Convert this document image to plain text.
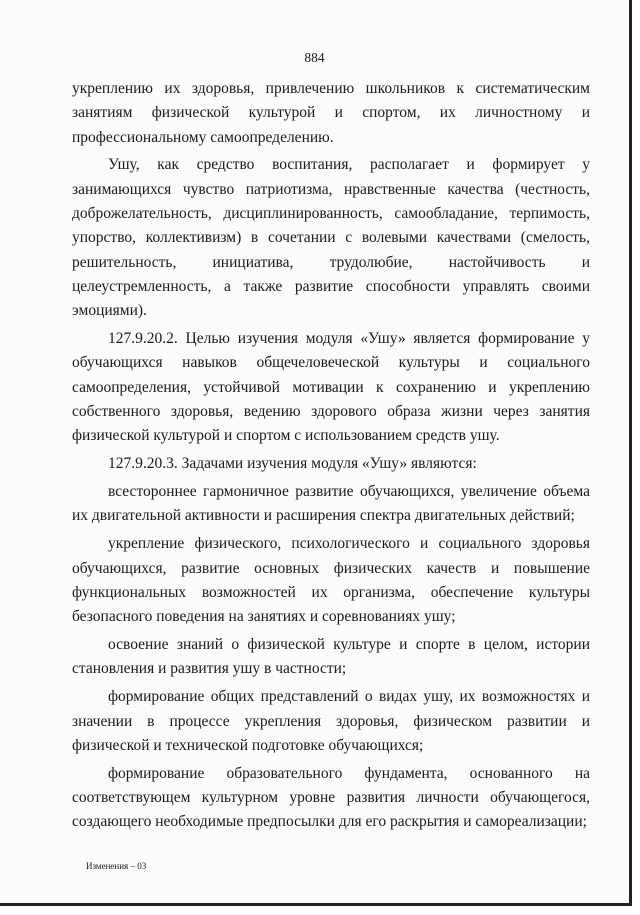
884

укреплению их здоровья, привлечению школьников к систематическим занятиям физической культурой и спортом, их личностному и профессиональному самоопределению.

Ушу, как средство воспитания, располагает и формирует у занимающихся чувство патриотизма, нравственные качества (честность, доброжелательность, дисциплинированность, самообладание, терпимость, упорство, коллективизм) в сочетании с волевыми качествами (смелость, решительность, инициатива, трудолюбие, настойчивость и целеустремленность, а также развитие способности управлять своими эмоциями).

127.9.20.2. Целью изучения модуля «Ушу» является формирование у обучающихся навыков общечеловеческой культуры и социального самоопределения, устойчивой мотивации к сохранению и укреплению собственного здоровья, ведению здорового образа жизни через занятия физической культурой и спортом с использованием средств ушу.

127.9.20.3. Задачами изучения модуля «Ушу» являются:

всестороннее гармоничное развитие обучающихся, увеличение объема их двигательной активности и расширения спектра двигательных действий;

укрепление физического, психологического и социального здоровья обучающихся, развитие основных физических качеств и повышение функциональных возможностей их организма, обеспечение культуры безопасного поведения на занятиях и соревнованиях ушу;

освоение знаний о физической культуре и спорте в целом, истории становления и развития ушу в частности;

формирование общих представлений о видах ушу, их возможностях и значении в процессе укрепления здоровья, физическом развитии и физической и технической подготовке обучающихся;

формирование образовательного фундамента, основанного на соответствующем культурном уровне развития личности обучающегося, создающего необходимые предпосылки для его раскрытия и самореализации;

Изменения – 03
